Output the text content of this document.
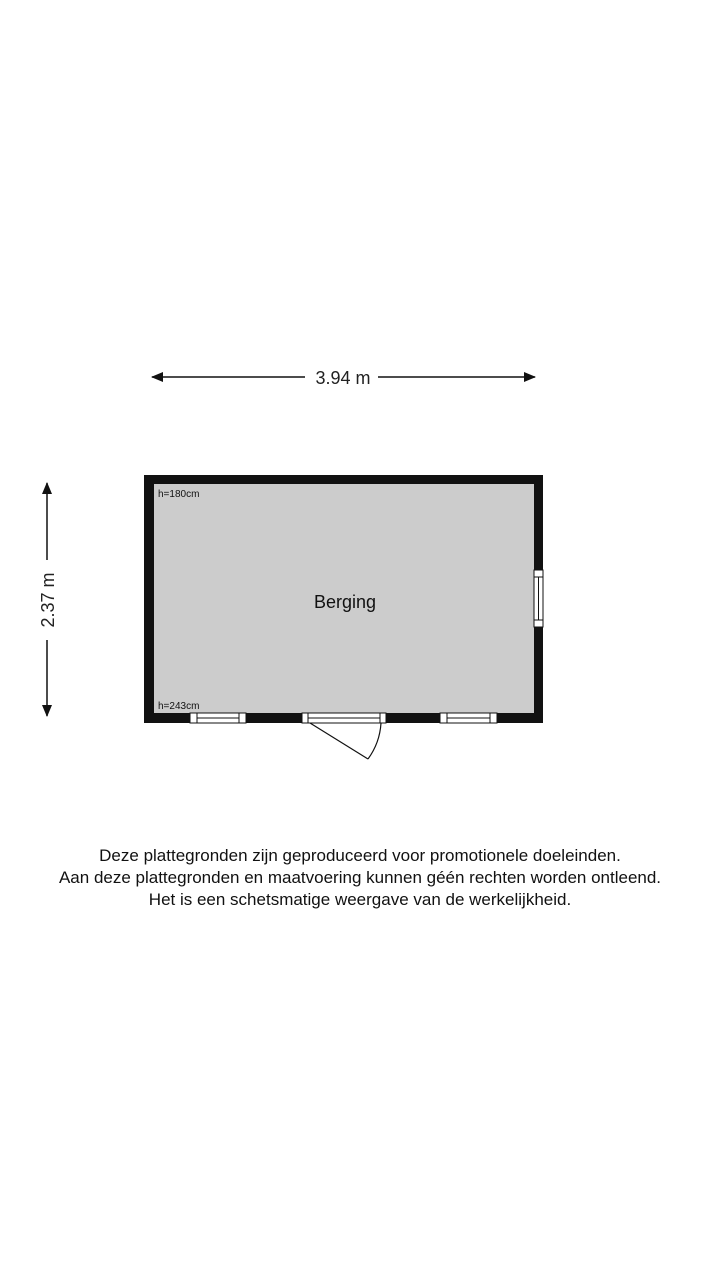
3.94 m
2.37 m	Berging
h=180cm
h=243cm
Deze plattegronden zijn geproduceerd voor promotionele doeleinden.
Aan deze plattegronden en maatvoering kunnen géén rechten worden ontleend.
Het is een schetsmatige weergave van de werkelijkheid.
